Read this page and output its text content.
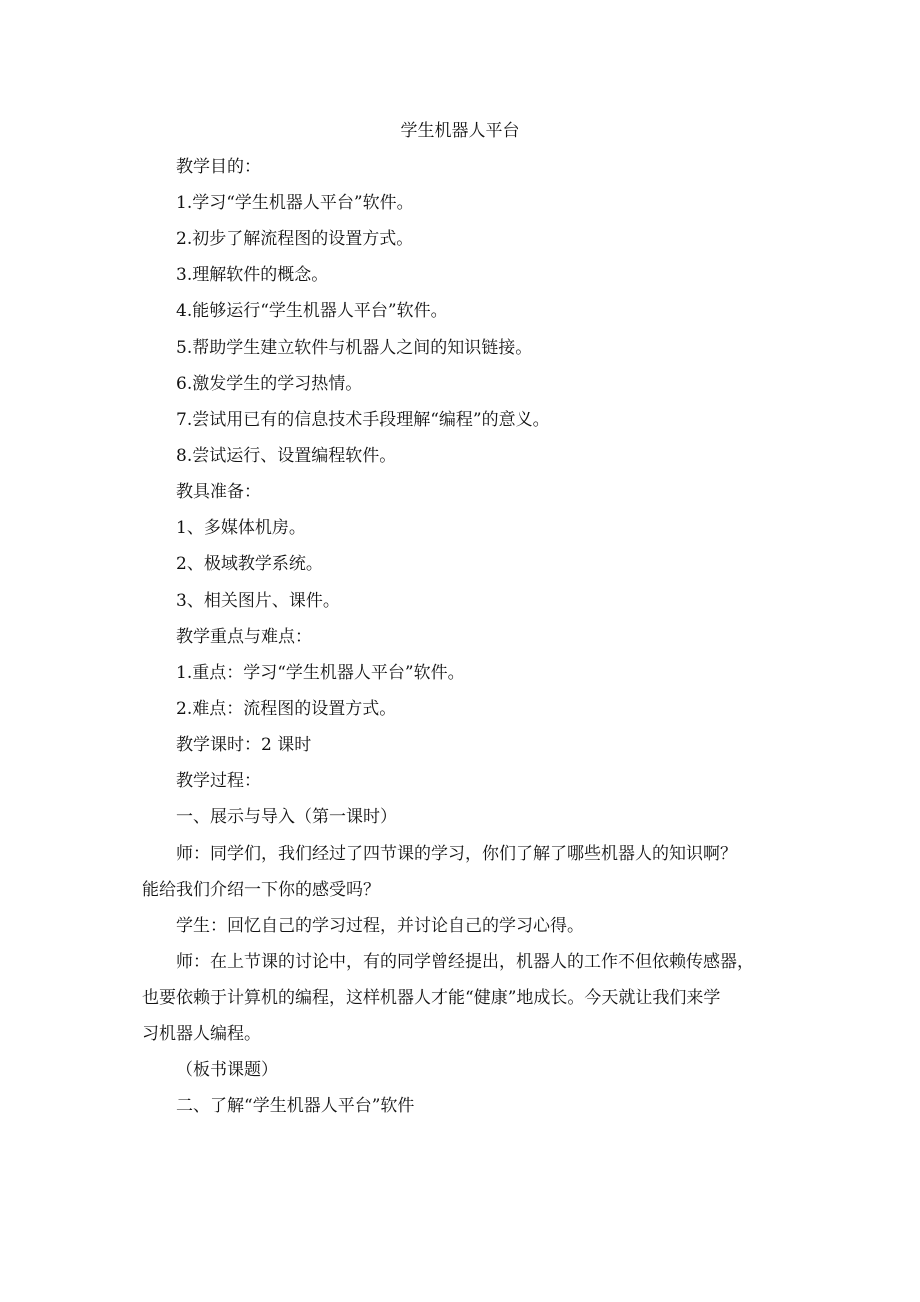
学生机器人平台
教学目的：
1.学习“学生机器人平台”软件。
2.初步了解流程图的设置方式。
3.理解软件的概念。
4.能够运行“学生机器人平台”软件。
5.帮助学生建立软件与机器人之间的知识链接。
6.激发学生的学习热情。
7.尝试用已有的信息技术手段理解“编程”的意义。
8.尝试运行、设置编程软件。
教具准备：
1、多媒体机房。
2、极域教学系统。
3、相关图片、课件。
教学重点与难点：
1.重点：学习“学生机器人平台”软件。
2.难点：流程图的设置方式。
教学课时：2 课时
教学过程：
一、展示与导入（第一课时）
师：同学们，我们经过了四节课的学习，你们了解了哪些机器人的知识啊？
能给我们介绍一下你的感受吗？
学生：回忆自己的学习过程，并讨论自己的学习心得。
师：在上节课的讨论中，有的同学曾经提出，机器人的工作不但依赖传感器，
也要依赖于计算机的编程，这样机器人才能“健康”地成长。今天就让我们来学
习机器人编程。
（板书课题）
二、了解“学生机器人平台”软件
